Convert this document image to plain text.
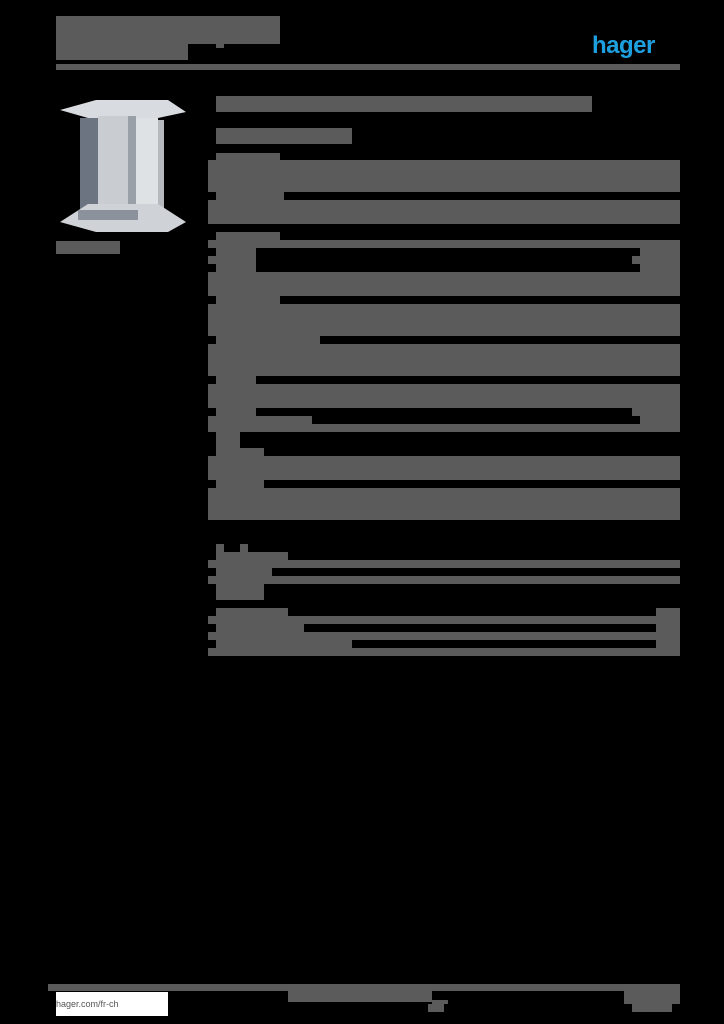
hager
hager.com/fr-ch
